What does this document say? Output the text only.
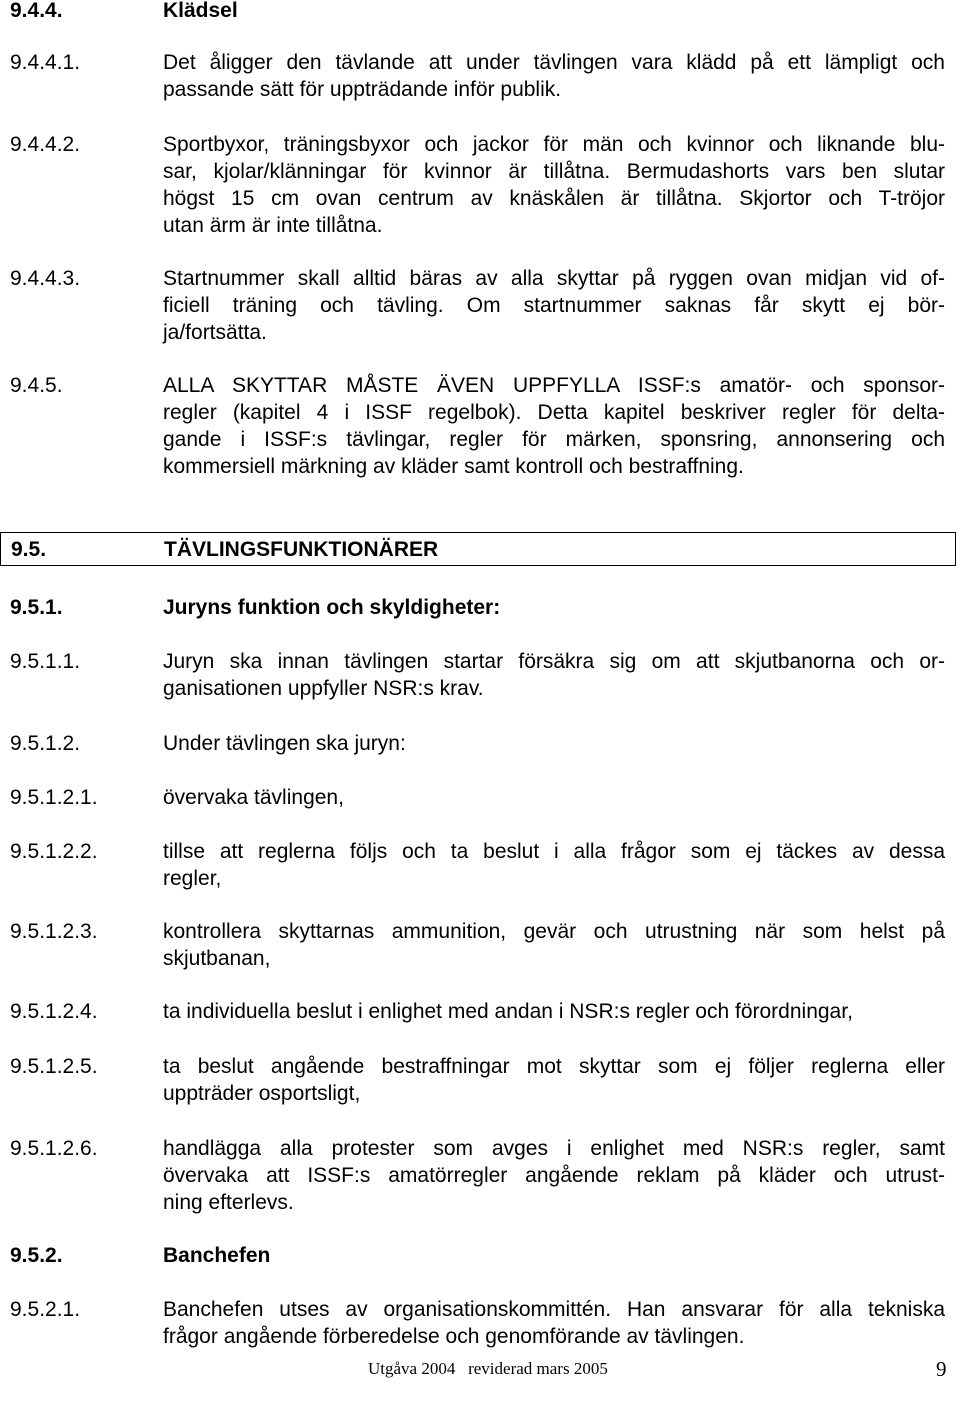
9.4.4.	Klädsel
9.4.4.1.	Det åligger den tävlande att under tävlingen vara klädd på ett lämpligt och
passande sätt för uppträdande inför publik.
9.4.4.2.	Sportbyxor, träningsbyxor och jackor för män och kvinnor och liknande blu-
sar, kjolar/klänningar för kvinnor är tillåtna. Bermudashorts vars ben slutar
högst 15 cm ovan centrum av knäskålen är tillåtna. Skjortor och T-tröjor
utan ärm är inte tillåtna.
9.4.4.3.	Startnummer skall alltid bäras av alla skyttar på ryggen ovan midjan vid of-
ficiell träning och tävling. Om startnummer saknas får skytt ej bör-
ja/fortsätta.
9.4.5.	ALLA SKYTTAR MÅSTE ÄVEN UPPFYLLA ISSF:s amatör- och sponsor-
regler (kapitel 4 i ISSF regelbok). Detta kapitel beskriver regler för delta-
gande i ISSF:s tävlingar, regler för märken, sponsring, annonsering och
kommersiell märkning av kläder samt kontroll och bestraffning.
9.5.	TÄVLINGSFUNKTIONÄRER
9.5.1.	Juryns funktion och skyldigheter:
9.5.1.1.	Juryn ska innan tävlingen startar försäkra sig om att skjutbanorna och or-
ganisationen uppfyller NSR:s krav.
9.5.1.2.	Under tävlingen ska juryn:
9.5.1.2.1.	övervaka tävlingen,
9.5.1.2.2.	tillse att reglerna följs och ta beslut i alla frågor som ej täckes av dessa
regler,
9.5.1.2.3.	kontrollera skyttarnas ammunition, gevär och utrustning när som helst på
skjutbanan,
9.5.1.2.4.	ta individuella beslut i enlighet med andan i NSR:s regler och förordningar,
9.5.1.2.5.	ta beslut angående bestraffningar mot skyttar som ej följer reglerna eller
uppträder osportsligt,
9.5.1.2.6.	handlägga alla protester som avges i enlighet med NSR:s regler, samt
övervaka att ISSF:s amatörregler angående reklam på kläder och utrust-
ning efterlevs.
9.5.2.	Banchefen
9.5.2.1.	Banchefen utses av organisationskommittén. Han ansvarar för alla tekniska
frågor angående förberedelse och genomförande av tävlingen.
Utgåva 2004   reviderad mars 2005	9
